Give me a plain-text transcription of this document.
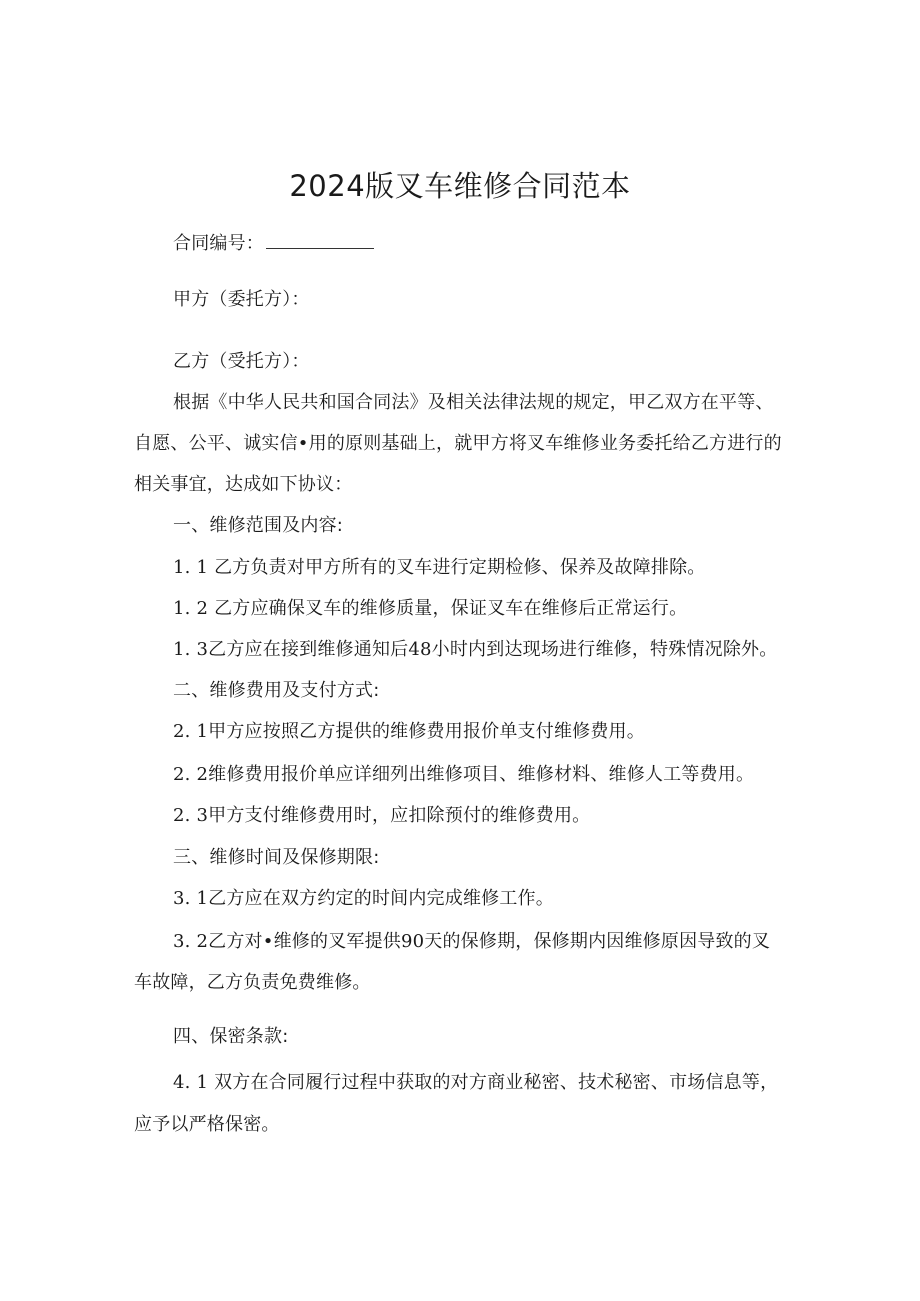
2024版叉车维修合同范本
合同编号：
甲方（委托方）：
乙方（受托方）：
根据《中华人民共和国合同法》及相关法律法规的规定，甲乙双方在平等、
自愿、公平、诚实信•用的原则基础上，就甲方将叉车维修业务委托给乙方进行的
相关事宜，达成如下协议：
一、维修范围及内容:
1. 1 乙方负责对甲方所有的叉车进行定期检修、保养及故障排除。
1. 2 乙方应确保叉车的维修质量，保证叉车在维修后正常运行。
1. 3乙方应在接到维修通知后48小时内到达现场进行维修，特殊情况除外。
二、维修费用及支付方式:
2. 1甲方应按照乙方提供的维修费用报价单支付维修费用。
2. 2维修费用报价单应详细列出维修项目、维修材料、维修人工等费用。
2. 3甲方支付维修费用时，应扣除预付的维修费用。
三、维修时间及保修期限:
3. 1乙方应在双方约定的时间内完成维修工作。
3. 2乙方对•维修的叉军提供90天的保修期，保修期内因维修原因导致的叉
车故障，乙方负责免费维修。
四、保密条款:
4. 1 双方在合同履行过程中获取的对方商业秘密、技术秘密、市场信息等，
应予以严格保密。
